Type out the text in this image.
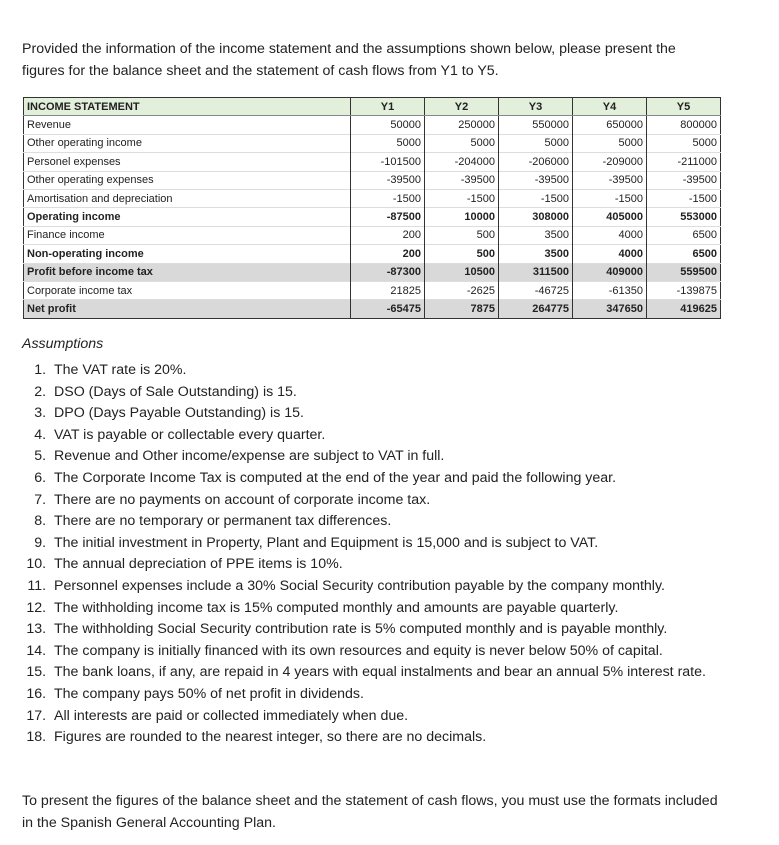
Provided the information of the income statement and the assumptions shown below, please present the figures for the balance sheet and the statement of cash flows from Y1 to Y5.
INCOME STATEMENT	Y1	Y2	Y3	Y4	Y5
Revenue	50000	250000	550000	650000	800000
Other operating income	5000	5000	5000	5000	5000
Personel expenses	-101500	-204000	-206000	-209000	-211000
Other operating expenses	-39500	-39500	-39500	-39500	-39500
Amortisation and depreciation	-1500	-1500	-1500	-1500	-1500
Operating income	-87500	10000	308000	405000	553000
Finance income	200	500	3500	4000	6500
Non-operating income	200	500	3500	4000	6500
Profit before income tax	-87300	10500	311500	409000	559500
Corporate income tax	21825	-2625	-46725	-61350	-139875
Net profit	-65475	7875	264775	347650	419625
Assumptions
1. The VAT rate is 20%.
2. DSO (Days of Sale Outstanding) is 15.
3. DPO (Days Payable Outstanding) is 15.
4. VAT is payable or collectable every quarter.
5. Revenue and Other income/expense are subject to VAT in full.
6. The Corporate Income Tax is computed at the end of the year and paid the following year.
7. There are no payments on account of corporate income tax.
8. There are no temporary or permanent tax differences.
9. The initial investment in Property, Plant and Equipment is 15,000 and is subject to VAT.
10. The annual depreciation of PPE items is 10%.
11. Personnel expenses include a 30% Social Security contribution payable by the company monthly.
12. The withholding income tax is 15% computed monthly and amounts are payable quarterly.
13. The withholding Social Security contribution rate is 5% computed monthly and is payable monthly.
14. The company is initially financed with its own resources and equity is never below 50% of capital.
15. The bank loans, if any, are repaid in 4 years with equal instalments and bear an annual 5% interest rate.
16. The company pays 50% of net profit in dividends.
17. All interests are paid or collected immediately when due.
18. Figures are rounded to the nearest integer, so there are no decimals.
To present the figures of the balance sheet and the statement of cash flows, you must use the formats included in the Spanish General Accounting Plan.
